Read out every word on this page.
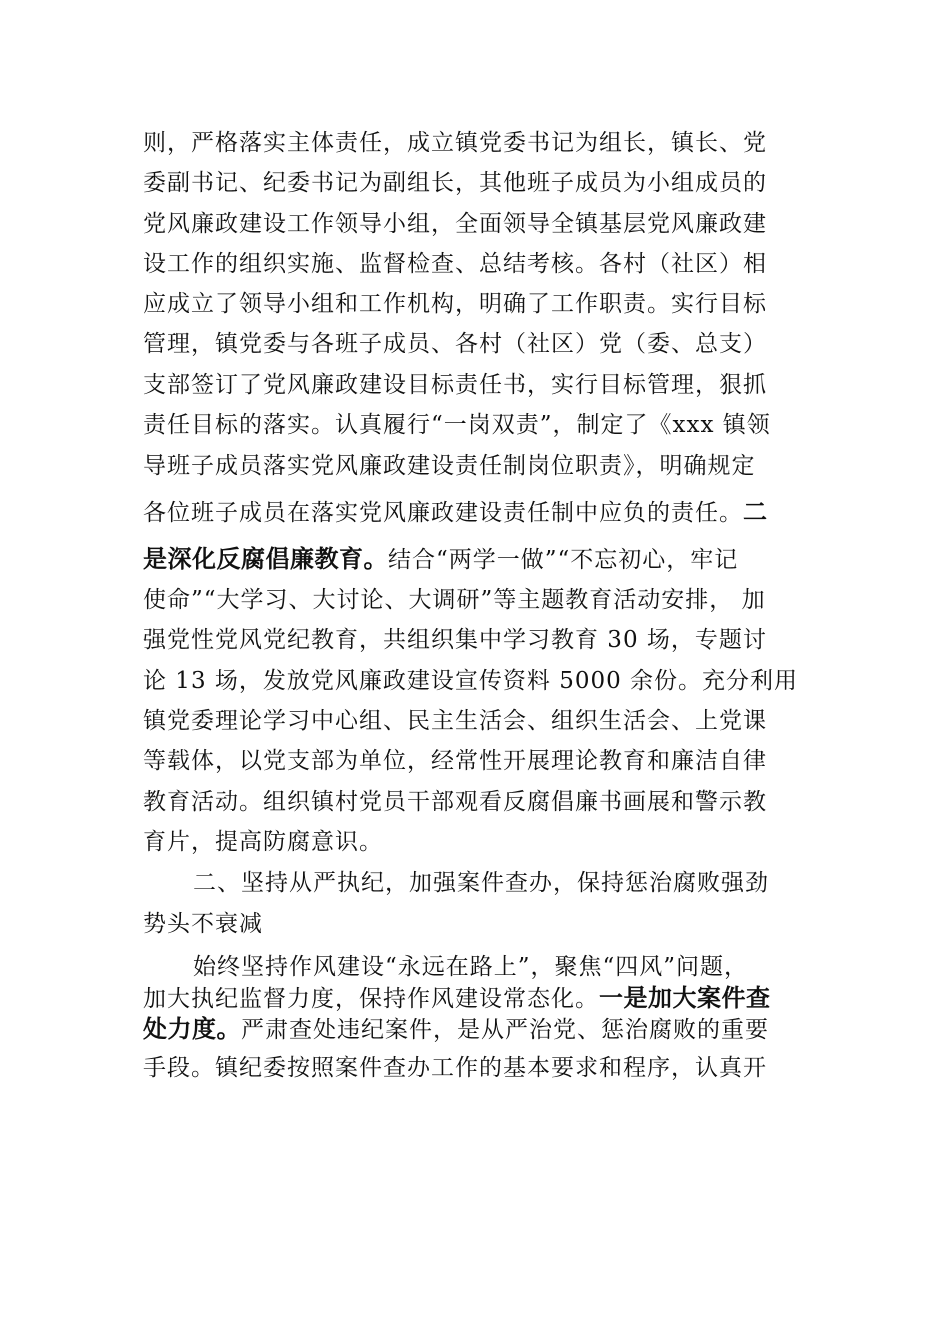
则，严格落实主体责任，成立镇党委书记为组长，镇长、党
委副书记、纪委书记为副组长，其他班子成员为小组成员的
党风廉政建设工作领导小组，全面领导全镇基层党风廉政建
设工作的组织实施、监督检查、总结考核。各村（社区）相
应成立了领导小组和工作机构，明确了工作职责。实行目标
管理，镇党委与各班子成员、各村（社区）党（委、总支）
支部签订了党风廉政建设目标责任书，实行目标管理，狠抓
责任目标的落实。认真履行“一岗双责”，制定了《xxx 镇领
导班子成员落实党风廉政建设责任制岗位职责》，明确规定
各位班子成员在落实党风廉政建设责任制中应负的责任。二
是深化反腐倡廉教育。结合“两学一做”“不忘初心，牢记
使命”“大学习、大讨论、大调研”等主题教育活动安排， 加
强党性党风党纪教育，共组织集中学习教育 30 场，专题讨
论 13 场，发放党风廉政建设宣传资料 5000 余份。充分利用
镇党委理论学习中心组、民主生活会、组织生活会、上党课
等载体，以党支部为单位，经常性开展理论教育和廉洁自律
教育活动。组织镇村党员干部观看反腐倡廉书画展和警示教
育片，提高防腐意识。
二、坚持从严执纪，加强案件查办，保持惩治腐败强劲
势头不衰减
始终坚持作风建设“永远在路上”，聚焦“四风”问题，
加大执纪监督力度，保持作风建设常态化。一是加大案件查
处力度。严肃查处违纪案件，是从严治党、惩治腐败的重要
手段。镇纪委按照案件查办工作的基本要求和程序，认真开
